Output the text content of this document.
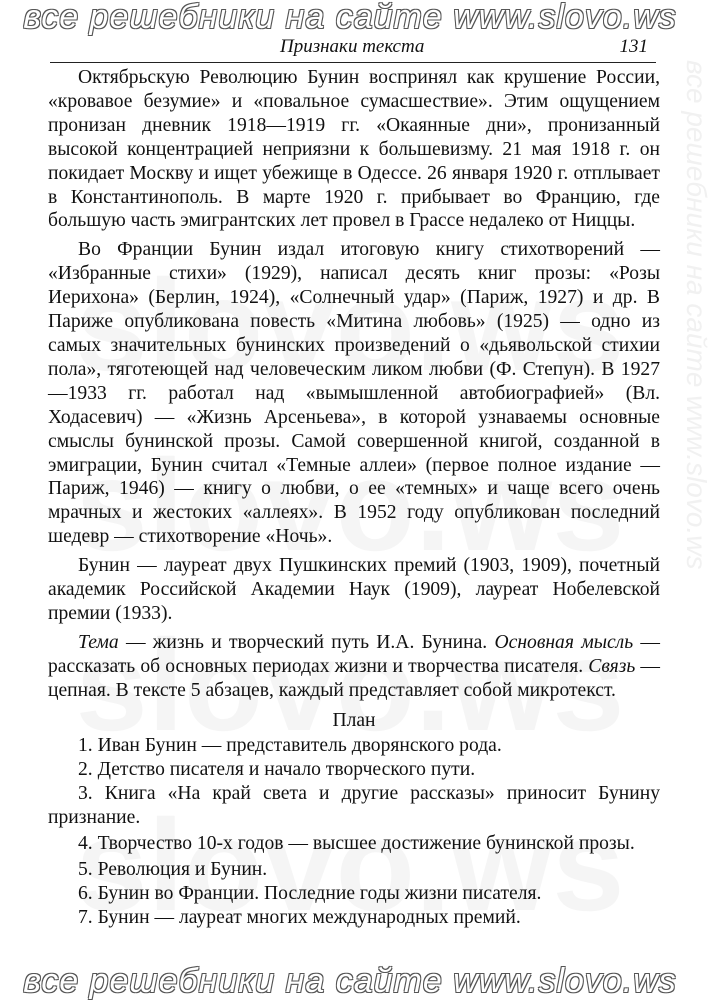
все решебники на сайте www.slovo.ws
все решебники на сайте www.slovo.ws
Признаки текста	131

Октябрьскую Революцию Бунин воспринял как крушение России, «кровавое безумие» и «повальное сумасшествие». Этим ощущением пронизан дневник 1918—1919 гг. «Окаянные дни», пронизанный высокой концентрацией неприязни к большевизму. 21 мая 1918 г. он покидает Москву и ищет убежище в Одессе. 26 января 1920 г. отплывает в Константинополь. В марте 1920 г. прибывает во Францию, где большую часть эмигрантских лет провел в Грассе недалеко от Ниццы.

Во Франции Бунин издал итоговую книгу стихотворений — «Избранные стихи» (1929), написал десять книг прозы: «Розы Иерихона» (Берлин, 1924), «Солнечный удар» (Париж, 1927) и др. В Париже опубликована повесть «Митина любовь» (1925) — одно из самых значительных бунинских произведений о «дьявольской стихии пола», тяготеющей над человеческим ликом любви (Ф. Степун). В 1927—1933 гг. работал над «вымышленной автобиографией» (Вл. Ходасевич) — «Жизнь Арсеньева», в которой узнаваемы основные смыслы бунинской прозы. Самой совершенной книгой, созданной в эмиграции, Бунин считал «Темные аллеи» (первое полное издание — Париж, 1946) — книгу о любви, о ее «темных» и чаще всего очень мрачных и жестоких «аллеях». В 1952 году опубликован последний шедевр — стихотворение «Ночь».

Бунин — лауреат двух Пушкинских премий (1903, 1909), почетный академик Российской Академии Наук (1909), лауреат Нобелевской премии (1933).

Тема — жизнь и творческий путь И.А. Бунина. Основная мысль — рассказать об основных периодах жизни и творчества писателя. Связь — цепная. В тексте 5 абзацев, каждый представляет собой микротекст.

План

1. Иван Бунин — представитель дворянского рода.

2. Детство писателя и начало творческого пути.

3. Книга «На край света и другие рассказы» приносит Бунину признание.

4. Творчество 10-х годов — высшее достижение бунинской прозы.

5. Революция и Бунин.

6. Бунин во Франции. Последние годы жизни писателя.

7. Бунин — лауреат многих международных премий.

все решебники на сайте www.slovo.ws
